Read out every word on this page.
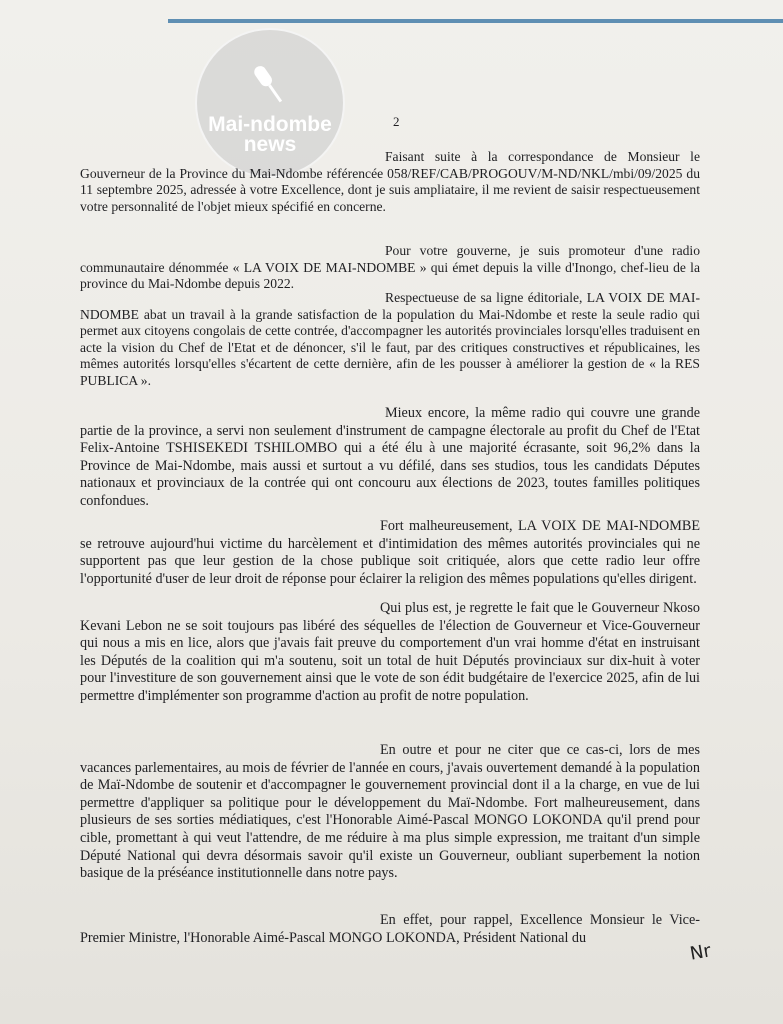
Mai-ndombe
news
2

Faisant suite à la correspondance de Monsieur le Gouverneur de la Province du Mai-Ndombe référencée 058/REF/CAB/PROGOUV/M-ND/NKL/mbi/09/2025 du 11 septembre 2025, adressée à votre Excellence, dont je suis ampliataire, il me revient de saisir respectueusement votre personnalité de l'objet mieux spécifié en concerne.

Pour votre gouverne, je suis promoteur d'une radio communautaire dénommée « LA VOIX DE MAI-NDOMBE » qui émet depuis la ville d'Inongo, chef-lieu de la province du Mai-Ndombe depuis 2022.

Respectueuse de sa ligne éditoriale, LA VOIX DE MAI-NDOMBE abat un travail à la grande satisfaction de la population du Mai-Ndombe et reste la seule radio qui permet aux citoyens congolais de cette contrée, d'accompagner les autorités provinciales lorsqu'elles traduisent en acte la vision du Chef de l'Etat et de dénoncer, s'il le faut, par des critiques constructives et républicaines, les mêmes autorités lorsqu'elles s'écartent de cette dernière, afin de les pousser à améliorer la gestion de « la RES PUBLICA ».

Mieux encore, la même radio qui couvre une grande partie de la province, a servi non seulement d'instrument de campagne électorale au profit du Chef de l'Etat Felix-Antoine TSHISEKEDI TSHILOMBO qui a été élu à une majorité écrasante, soit 96,2% dans la Province de Mai-Ndombe, mais aussi et surtout a vu défilé, dans ses studios, tous les candidats Députes nationaux et provinciaux de la contrée qui ont concouru aux élections de 2023, toutes familles politiques confondues.

Fort malheureusement, LA VOIX DE MAI-NDOMBE se retrouve aujourd'hui victime du harcèlement et d'intimidation des mêmes autorités provinciales qui ne supportent pas que leur gestion de la chose publique soit critiquée, alors que cette radio leur offre l'opportunité d'user de leur droit de réponse pour éclairer la religion des mêmes populations qu'elles dirigent.

Qui plus est, je regrette le fait que le Gouverneur Nkoso Kevani Lebon ne se soit toujours pas libéré des séquelles de l'élection de Gouverneur et Vice-Gouverneur qui nous a mis en lice, alors que j'avais fait preuve du comportement d'un vrai homme d'état en instruisant les Députés de la coalition qui m'a soutenu, soit un total de huit Députés provinciaux sur dix-huit à voter pour l'investiture de son gouvernement ainsi que le vote de son édit budgétaire de l'exercice 2025, afin de lui permettre d'implémenter son programme d'action au profit de notre population.

En outre et pour ne citer que ce cas-ci, lors de mes vacances parlementaires, au mois de février de l'année en cours, j'avais ouvertement demandé à la population de Maï-Ndombe de soutenir et d'accompagner le gouvernement provincial dont il a la charge, en vue de lui permettre d'appliquer sa politique pour le développement du Maï-Ndombe. Fort malheureusement, dans plusieurs de ses sorties médiatiques, c'est l'Honorable Aimé-Pascal MONGO LOKONDA qu'il prend pour cible, promettant à qui veut l'attendre, de me réduire à ma plus simple expression, me traitant d'un simple Député National qui devra désormais savoir qu'il existe un Gouverneur, oubliant superbement la notion basique de la préséance institutionnelle dans notre pays.

En effet, pour rappel, Excellence Monsieur le Vice-Premier Ministre, l'Honorable Aimé-Pascal MONGO LOKONDA, Président National du

Nr
